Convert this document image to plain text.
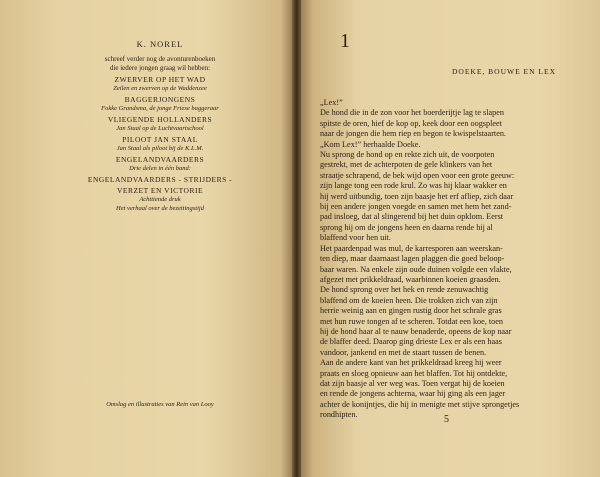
K. NOREL
schreef verder nog de avonturenboeken
die iedere jongen graag wil hebben:
ZWERVER OP HET WAD
Zeilen en zwerven op de Waddenzee
BAGGERJONGENS
Fokke Grandsma, de jonge Friese baggeraar
VLIEGENDE HOLLANDERS
Jan Staal op de Luchtvaartschool
PILOOT JAN STAAL
Jan Staal als piloot bij de K.L.M.
ENGELANDVAARDERS
Drie delen in één band:
ENGELANDVAARDERS - STRIJDERS -
VERZET EN VICTORIE
Achttiende druk
Het verhaal over de bezettingstijd
Omslag en illustraties van Rein van Looy
1
DOEKE, BOUWE EN LEX

„Lex!”
De hond die in de zon voor het boerderijtje lag te slapen
spitste de oren, hief de kop op, keek door een oogspleet
naar de jongen die hem riep en begon te kwispelstaarten.
„Kom Lex!” herhaalde Doeke.

Nu sprong de hond op en rekte zich uit, de voorpoten
gestrekt, met de achterpoten de gele klinkers van het
straatje schrapend, de bek wijd open voor een grote geeuw:
zijn lange tong een rode krul. Zo was hij klaar wakker en
hij werd uitbundig, toen zijn baasje het erf afliep, zich daar
bij een andere jongen voegde en samen met hem het zand-
pad insloeg, dat al slingerend bij het duin opklom. Eerst
sprong hij om de jongens heen en daarna rende hij al
blaffend voor hen uit.

Het paardenpad was mul, de karresporen aan weerskan-
ten diep, maar daarnaast lagen plaggen die goed beloop-
baar waren. Na enkele zijn oude duinen volgde een vlakte,
afgezet met prikkeldraad, waarbinnen koeien graasden.

De hond sprong over het hek en rende zenuwachtig
blaffend om de koeien heen. Die trokken zich van zijn
herrie weinig aan en gingen rustig door het schrale gras
met hun ruwe tongen af te scheren. Totdat een koe, toen
hij de hond haar al te nauw benaderde, opeens de kop naar
de blaffer deed. Daarop ging drieste Lex er als een haas
vandoor, jankend en met de staart tussen de benen.

Aan de andere kant van het prikkeldraad kreeg hij weer
praats en sloeg opnieuw aan het blaffen. Tot hij ontdekte,
dat zijn baasje al ver weg was. Toen vergat hij de koeien
en rende de jongens achterna, waar hij ging als een jager
achter de konijntjes, die hij in menigte met stijve sprongetjes
rondhipten.	5
